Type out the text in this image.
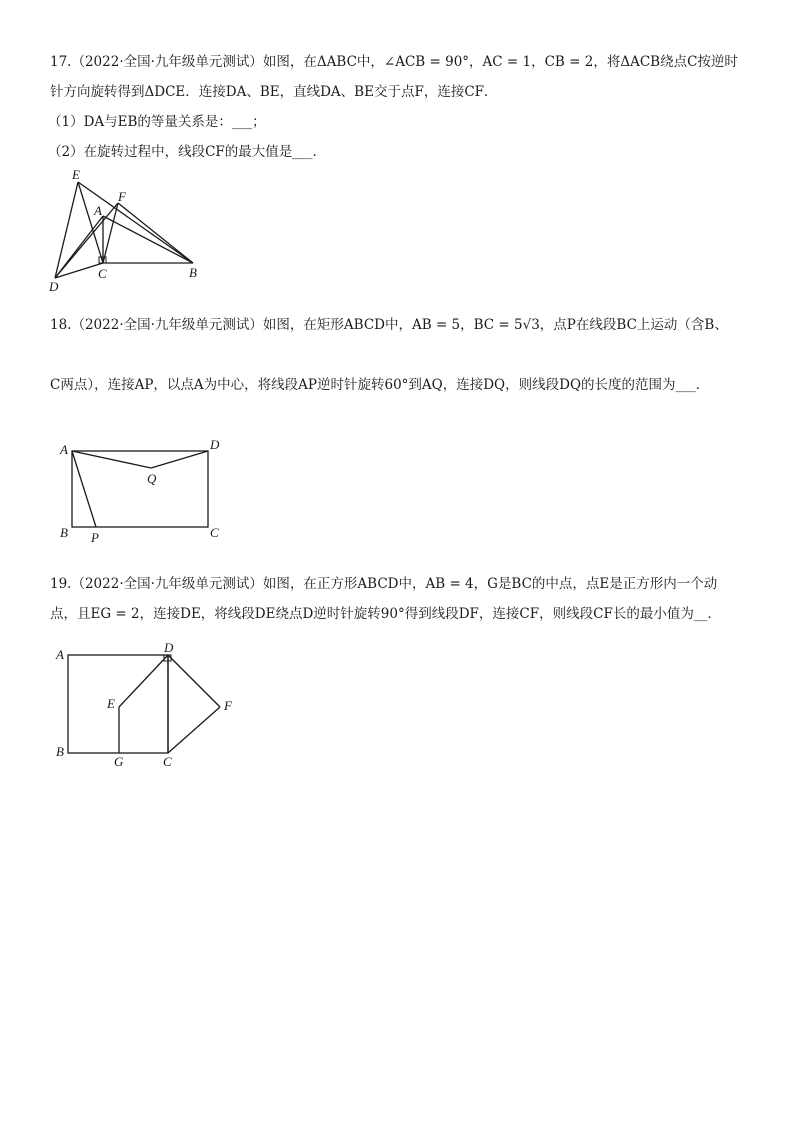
17.（2022·全国·九年级单元测试）如图，在ΔABC中，∠ACB = 90°，AC = 1，CB = 2，将ΔACB绕点C按逆时
针方向旋转得到ΔDCE．连接DA、BE，直线DA、BE交于点F，连接CF．
（1）DA与EB的等量关系是：___；
（2）在旋转过程中，线段CF的最大值是___．
E
F
A
D
C	B
18.（2022·全国·九年级单元测试）如图，在矩形ABCD中，AB = 5，BC = 5√3，点P在线段BC上运动（含B、
C两点），连接AP，以点A为中心，将线段AP逆时针旋转60°到AQ，连接DQ，则线段DQ的长度的范围为___．
A	D
Q
B P	C
19.（2022·全国·九年级单元测试）如图，在正方形ABCD中，AB = 4，G是BC的中点，点E是正方形内一个动
点，且EG = 2，连接DE，将线段DE绕点D逆时针旋转90°得到线段DF，连接CF，则线段CF长的最小值为__．
A	D
E	F
B
G	C
